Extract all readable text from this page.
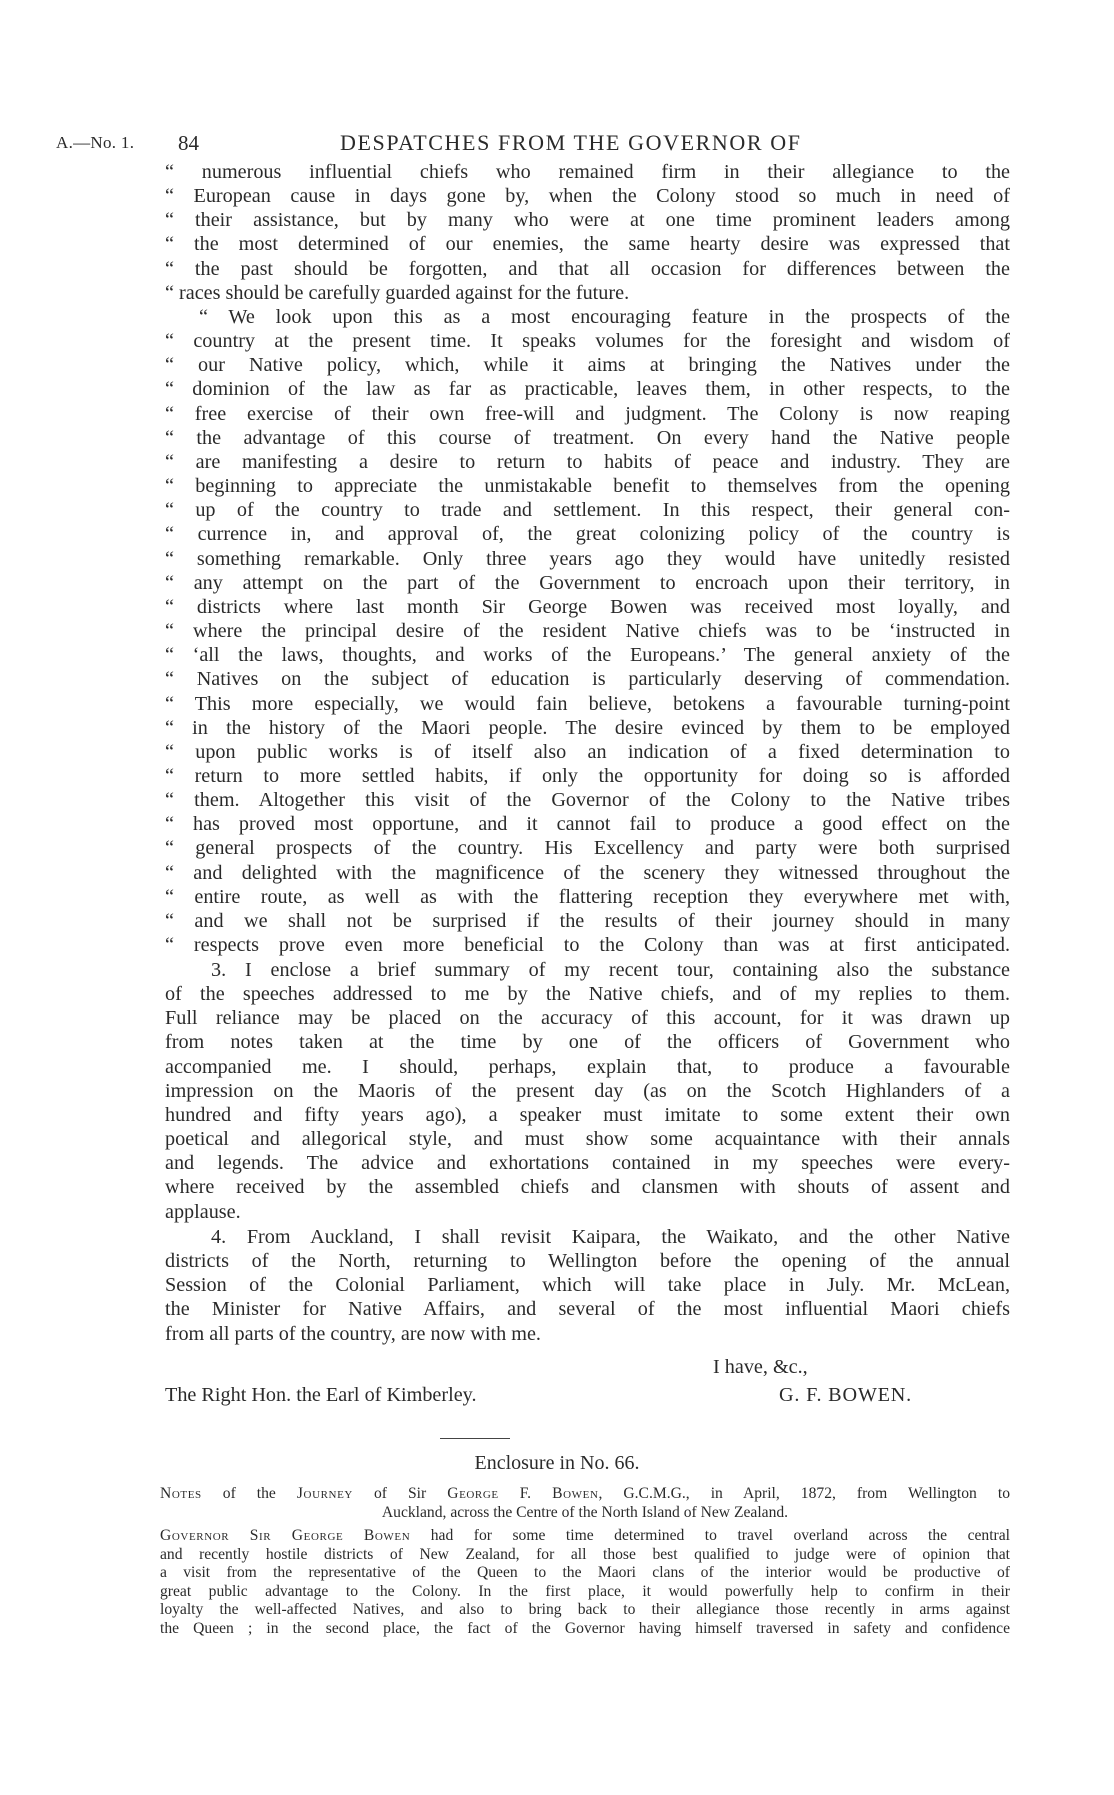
A.—No. 1. 84	DESPATCHES FROM THE GOVERNOR OF
“ numerous influential chiefs who remained firm in their allegiance to the
“ European cause in days gone by, when the Colony stood so much in need of
“ their assistance, but by many who were at one time prominent leaders among
“ the most determined of our enemies, the same hearty desire was expressed that
“ the past should be forgotten, and that all occasion for differences between the
“ races should be carefully guarded against for the future.
“ We look upon this as a most encouraging feature in the prospects of the
“ country at the present time. It speaks volumes for the foresight and wisdom of
“ our Native policy, which, while it aims at bringing the Natives under the
“ dominion of the law as far as practicable, leaves them, in other respects, to the
“ free exercise of their own free-will and judgment. The Colony is now reaping
“ the advantage of this course of treatment. On every hand the Native people
“ are manifesting a desire to return to habits of peace and industry. They are
“ beginning to appreciate the unmistakable benefit to themselves from the opening
“ up of the country to trade and settlement. In this respect, their general con-
“ currence in, and approval of, the great colonizing policy of the country is
“ something remarkable. Only three years ago they would have unitedly resisted
“ any attempt on the part of the Government to encroach upon their territory, in
“ districts where last month Sir George Bowen was received most loyally, and
“ where the principal desire of the resident Native chiefs was to be ‘instructed in
“ ‘all the laws, thoughts, and works of the Europeans.’ The general anxiety of the
“ Natives on the subject of education is particularly deserving of commendation.
“ This more especially, we would fain believe, betokens a favourable turning-point
“ in the history of the Maori people. The desire evinced by them to be employed
“ upon public works is of itself also an indication of a fixed determination to
“ return to more settled habits, if only the opportunity for doing so is afforded
“ them. Altogether this visit of the Governor of the Colony to the Native tribes
“ has proved most opportune, and it cannot fail to produce a good effect on the
“ general prospects of the country. His Excellency and party were both surprised
“ and delighted with the magnificence of the scenery they witnessed throughout the
“ entire route, as well as with the flattering reception they everywhere met with,
“ and we shall not be surprised if the results of their journey should in many
“ respects prove even more beneficial to the Colony than was at first anticipated.
3. I enclose a brief summary of my recent tour, containing also the substance
of the speeches addressed to me by the Native chiefs, and of my replies to them.
Full reliance may be placed on the accuracy of this account, for it was drawn up
from notes taken at the time by one of the officers of Government who
accompanied me. I should, perhaps, explain that, to produce a favourable
impression on the Maoris of the present day (as on the Scotch Highlanders of a
hundred and fifty years ago), a speaker must imitate to some extent their own
poetical and allegorical style, and must show some acquaintance with their annals
and legends. The advice and exhortations contained in my speeches were every-
where received by the assembled chiefs and clansmen with shouts of assent and
applause.
4. From Auckland, I shall revisit Kaipara, the Waikato, and the other Native
districts of the North, returning to Wellington before the opening of the annual
Session of the Colonial Parliament, which will take place in July. Mr. McLean,
the Minister for Native Affairs, and several of the most influential Maori chiefs
from all parts of the country, are now with me.
I have, &c.,
The Right Hon. the Earl of Kimberley.	G. F. BOWEN.
Enclosure in No. 66.
Notes of the Journey of Sir George F. Bowen, G.C.M.G., in April, 1872, from Wellington to
Auckland, across the Centre of the North Island of New Zealand.
Governor Sir George Bowen had for some time determined to travel overland across the central
and recently hostile districts of New Zealand, for all those best qualified to judge were of opinion that
a visit from the representative of the Queen to the Maori clans of the interior would be productive of
great public advantage to the Colony. In the first place, it would powerfully help to confirm in their
loyalty the well-affected Natives, and also to bring back to their allegiance those recently in arms against
the Queen ; in the second place, the fact of the Governor having himself traversed in safety and confidence
